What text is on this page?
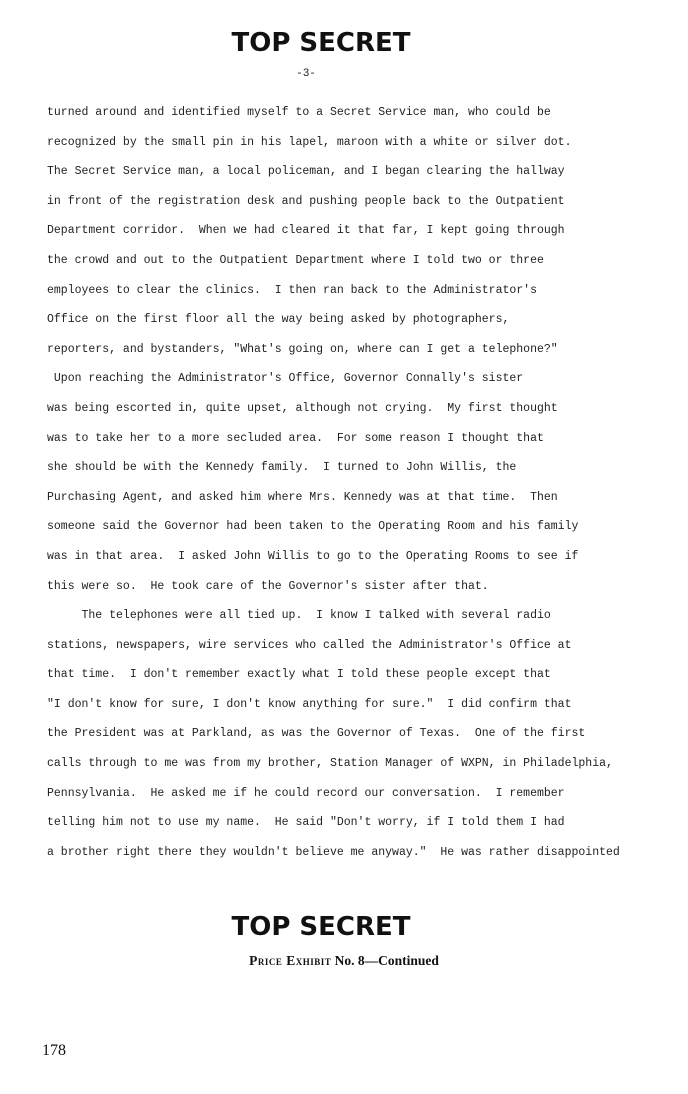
TOP SECRET
-3-
turned around and identified myself to a Secret Service man, who could be
recognized by the small pin in his lapel, maroon with a white or silver dot.
The Secret Service man, a local policeman, and I began clearing the hallway
in front of the registration desk and pushing people back to the Outpatient
Department corridor.  When we had cleared it that far, I kept going through
the crowd and out to the Outpatient Department where I told two or three
employees to clear the clinics.  I then ran back to the Administrator's
Office on the first floor all the way being asked by photographers,
reporters, and bystanders, "What's going on, where can I get a telephone?"
Upon reaching the Administrator's Office, Governor Connally's sister
was being escorted in, quite upset, although not crying.  My first thought
was to take her to a more secluded area.  For some reason I thought that
she should be with the Kennedy family.  I turned to John Willis, the
Purchasing Agent, and asked him where Mrs. Kennedy was at that time.  Then
someone said the Governor had been taken to the Operating Room and his family
was in that area.  I asked John Willis to go to the Operating Rooms to see if
this were so.  He took care of the Governor's sister after that.
The telephones were all tied up.  I know I talked with several radio
stations, newspapers, wire services who called the Administrator's Office at
that time.  I don't remember exactly what I told these people except that
"I don't know for sure, I don't know anything for sure."  I did confirm that
the President was at Parkland, as was the Governor of Texas.  One of the first
calls through to me was from my brother, Station Manager of WXPN, in Philadelphia,
Pennsylvania.  He asked me if he could record our conversation.  I remember
telling him not to use my name.  He said "Don't worry, if I told them I had
a brother right there they wouldn't believe me anyway."  He was rather disappointed
TOP SECRET
Price Exhibit No. 8—Continued
178
